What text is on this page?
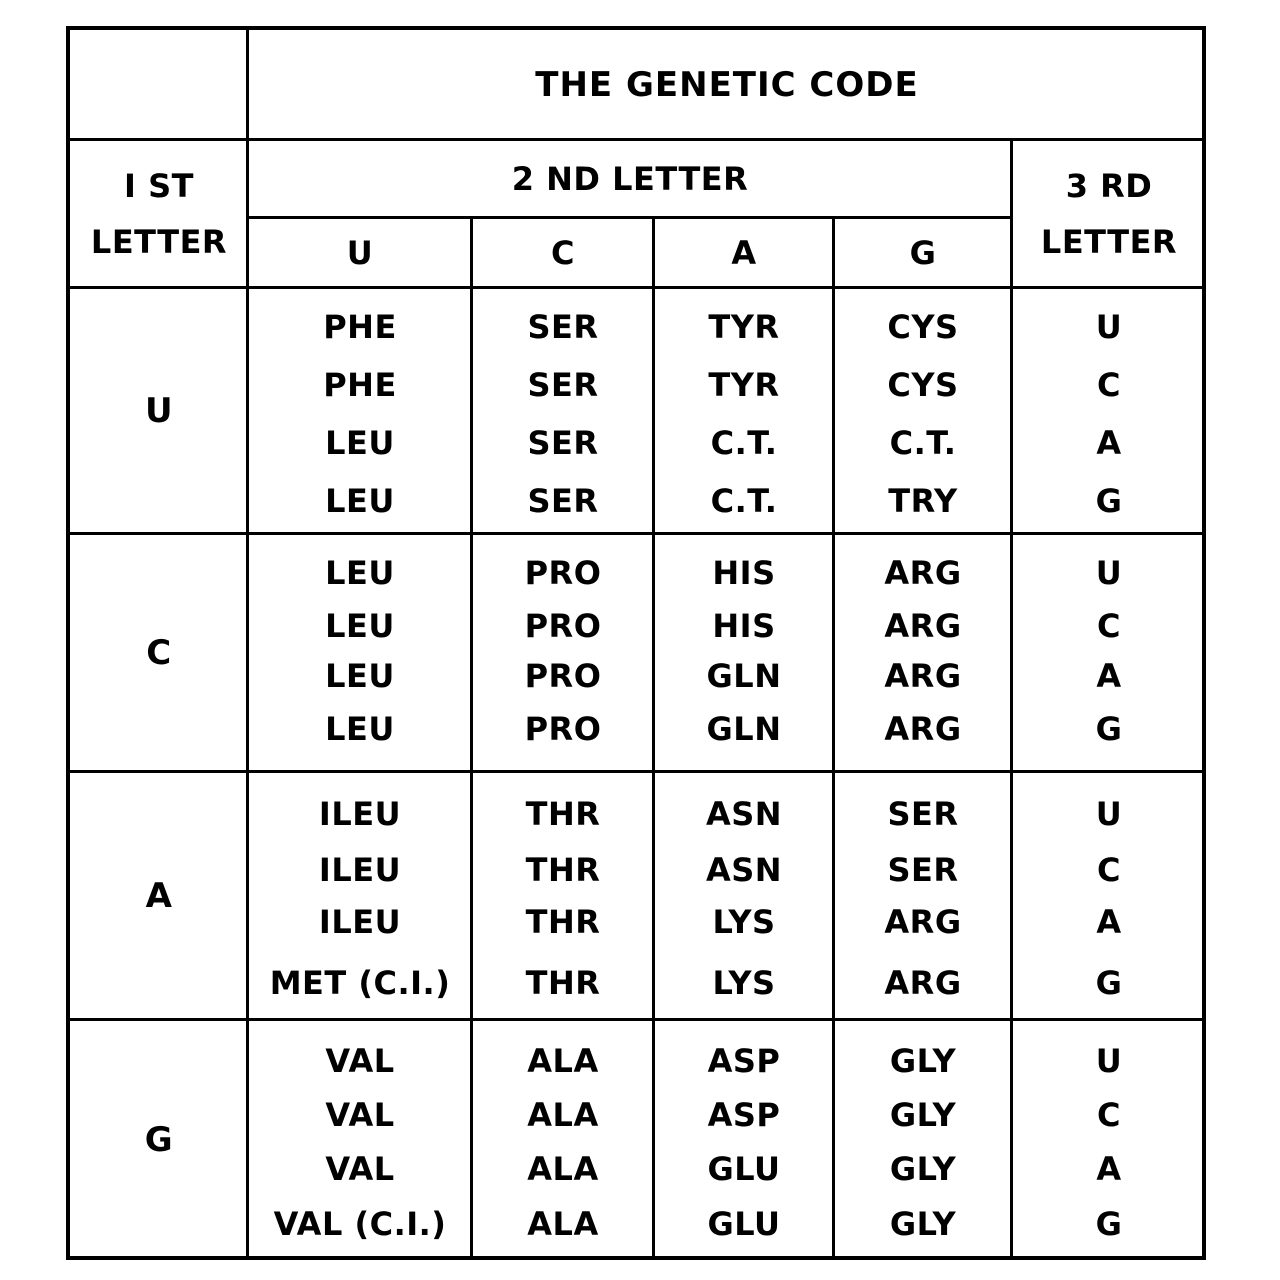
THE GENETIC CODE
I ST
LETTER
2 ND LETTER
U	C	A	G
3 RD
LETTER
U
PHE	SER	TYR	CYS	U
PHE	SER	TYR	CYS	C
LEU	SER	C.T.	C.T.	A
LEU	SER	C.T.	TRY	G
C
LEU	PRO	HIS	ARG	U
LEU	PRO	HIS	ARG	C
LEU	PRO	GLN	ARG	A
LEU	PRO	GLN	ARG	G
A
ILEU	THR	ASN	SER	U
ILEU	THR	ASN	SER	C
ILEU	THR	LYS	ARG	A
MET (C.I.)	THR	LYS	ARG	G
G
VAL	ALA	ASP	GLY	U
VAL	ALA	ASP	GLY	C
VAL	ALA	GLU	GLY	A
VAL (C.I.)	ALA	GLU	GLY	G
